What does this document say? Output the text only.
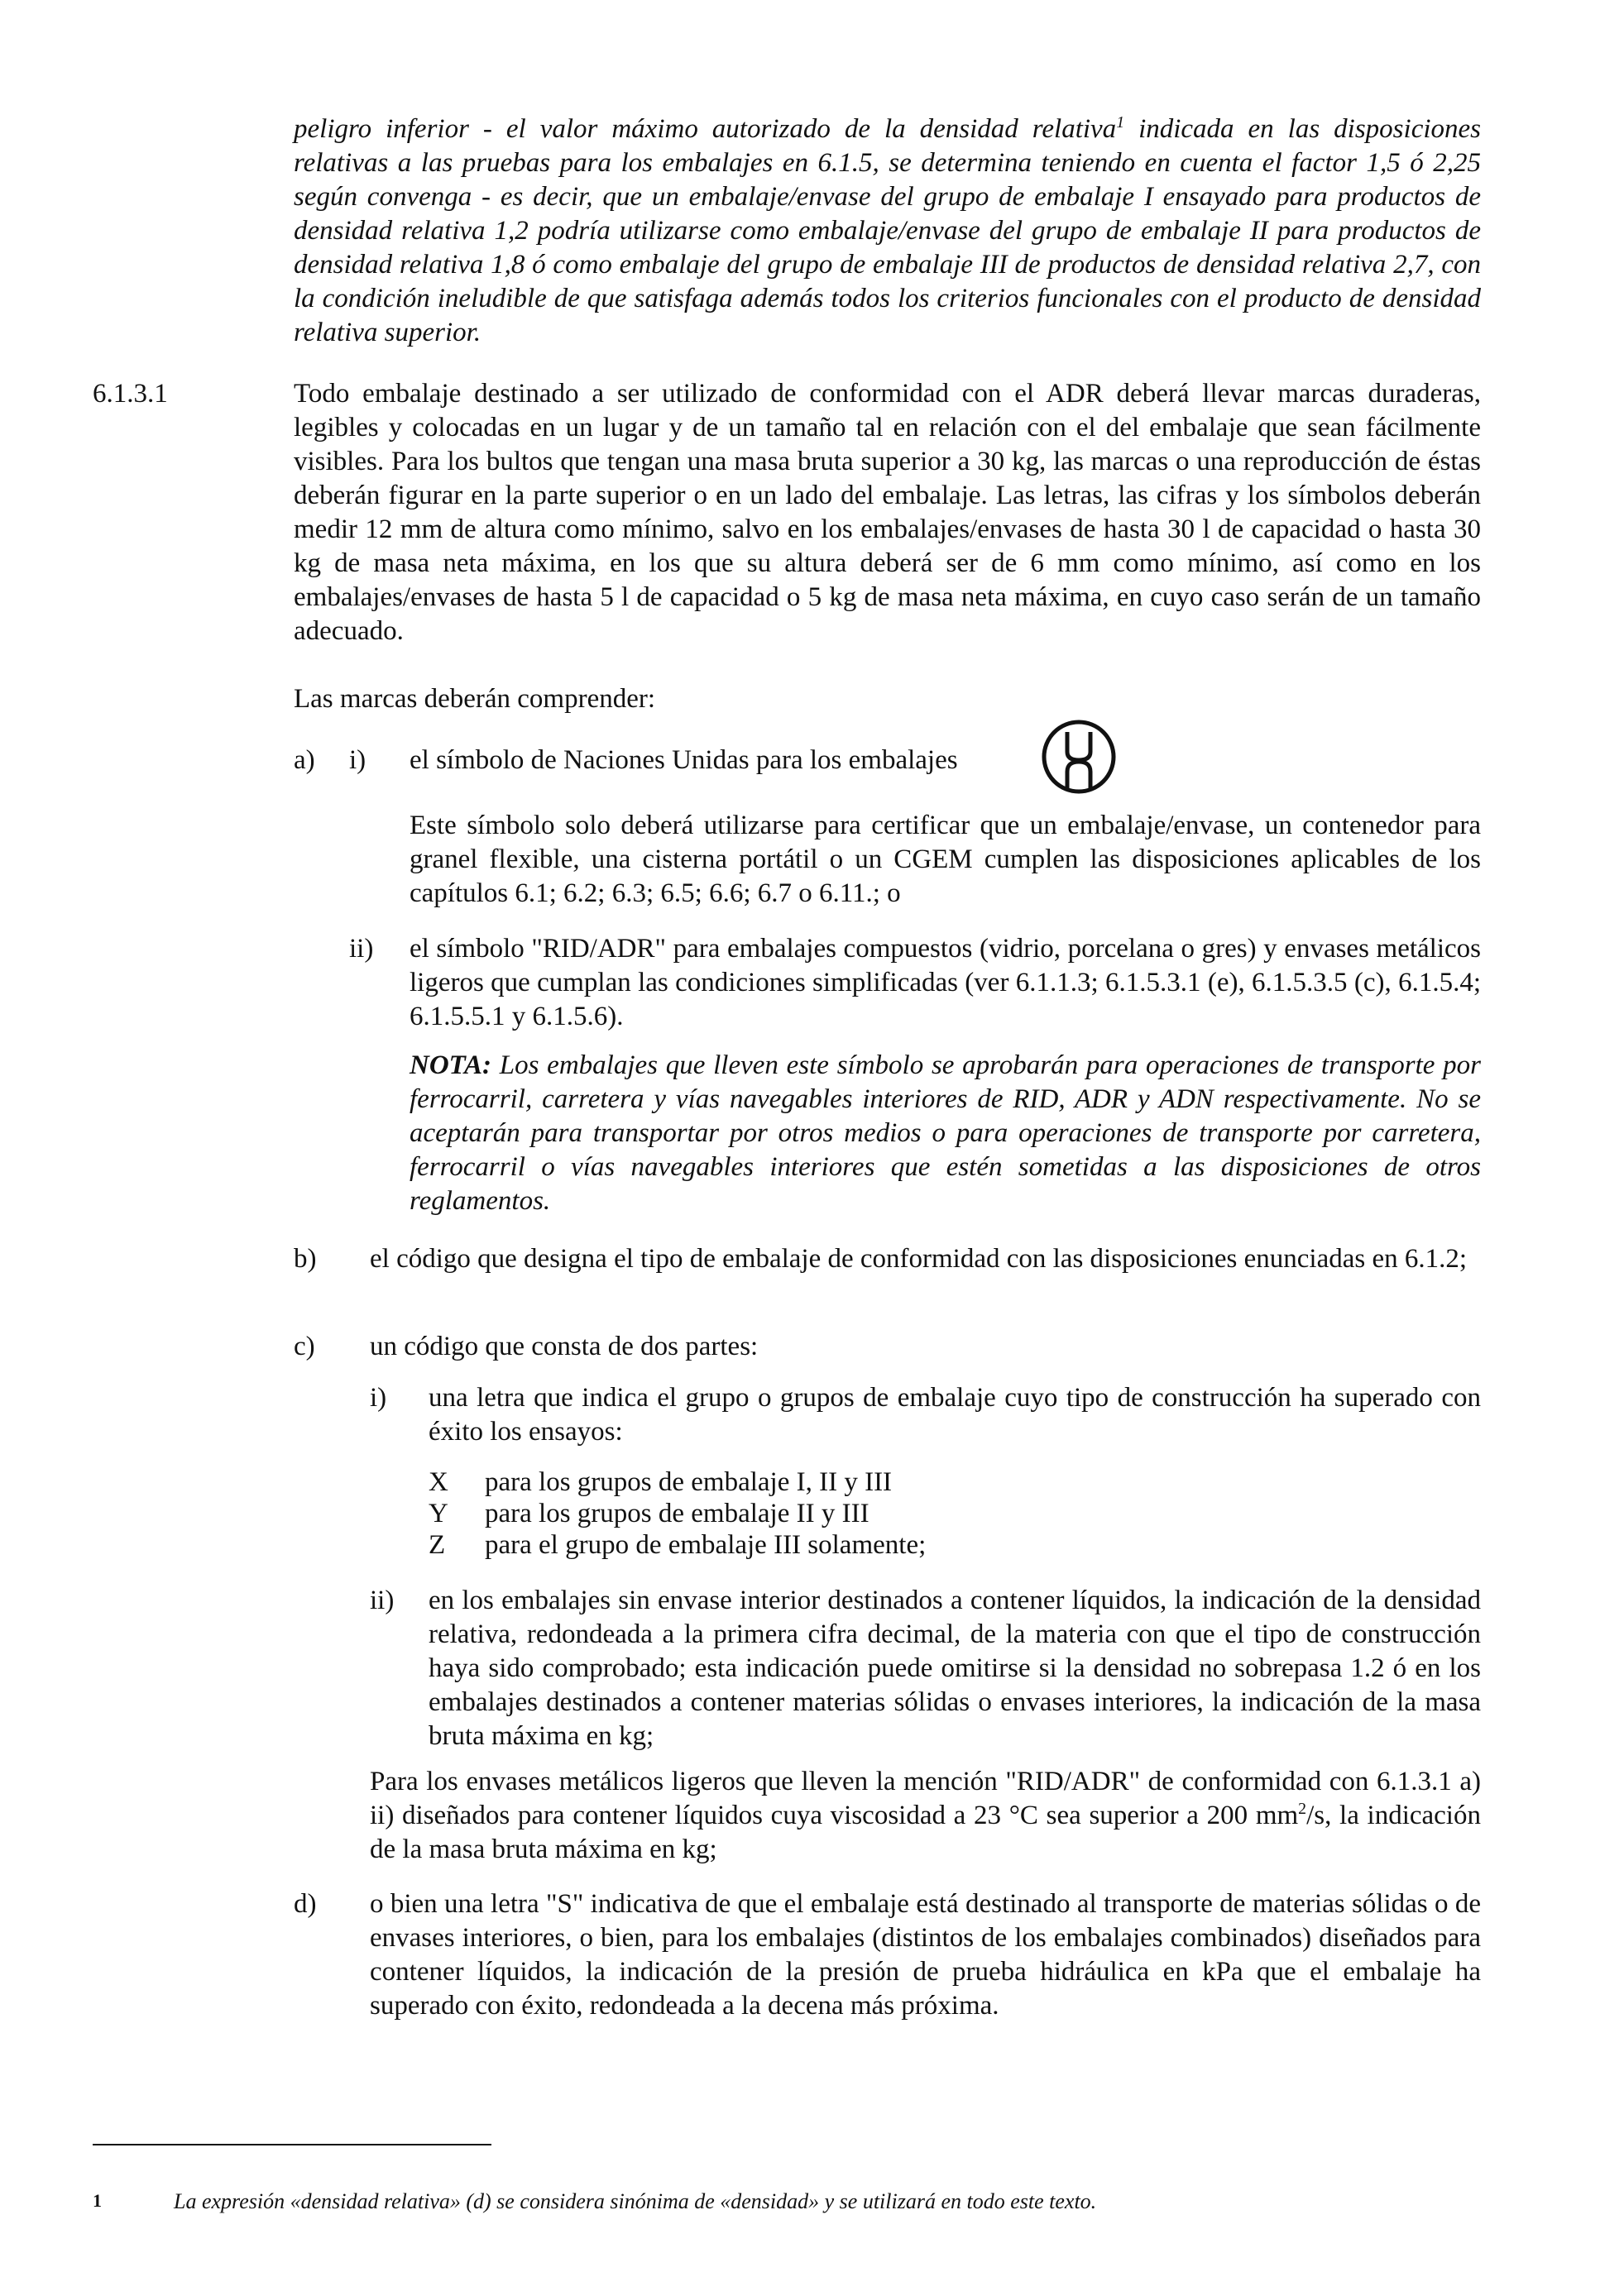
peligro inferior - el valor máximo autorizado de la densidad relativa$^1$ indicada en las disposiciones relativas a las pruebas para los embalajes en 6.1.5, se determina teniendo en cuenta el factor 1,5 ó 2,25 según convenga - es decir, que un embalaje/envase del grupo de embalaje I ensayado para productos de densidad relativa 1,2 podría utilizarse como embalaje/envase del grupo de embalaje II para productos de densidad relativa 1,8 ó como embalaje del grupo de embalaje III de productos de densidad relativa 2,7, con la condición ineludible de que satisfaga además todos los criterios funcionales con el producto de densidad relativa superior.
6.1.3.1	Todo embalaje destinado a ser utilizado de conformidad con el ADR deberá llevar marcas duraderas, legibles y colocadas en un lugar y de un tamaño tal en relación con el del embalaje que sean fácilmente visibles. Para los bultos que tengan una masa bruta superior a 30 kg, las marcas o una reproducción de éstas deberán figurar en la parte superior o en un lado del embalaje. Las letras, las cifras y los símbolos deberán medir 12 mm de altura como mínimo, salvo en los embalajes/envases de hasta 30 l de capacidad o hasta 30 kg de masa neta máxima, en los que su altura deberá ser de 6 mm como mínimo, así como en los embalajes/envases de hasta 5 l de capacidad o 5 kg de masa neta máxima, en cuyo caso serán de un tamaño adecuado.
Las marcas deberán comprender:
a) i) el símbolo de Naciones Unidas para los embalajes
Este símbolo solo deberá utilizarse para certificar que un embalaje/envase, un contenedor para granel flexible, una cisterna portátil o un CGEM cumplen las disposiciones aplicables de los capítulos 6.1; 6.2; 6.3; 6.5; 6.6; 6.7 o 6.11.; o
ii) el símbolo "RID/ADR" para embalajes compuestos (vidrio, porcelana o gres) y envases metálicos ligeros que cumplan las condiciones simplificadas (ver 6.1.1.3; 6.1.5.3.1 (e), 6.1.5.3.5 (c), 6.1.5.4; 6.1.5.5.1 y 6.1.5.6).
NOTA: Los embalajes que lleven este símbolo se aprobarán para operaciones de transporte por ferrocarril, carretera y vías navegables interiores de RID, ADR y ADN respectivamente. No se aceptarán para transportar por otros medios o para operaciones de transporte por carretera, ferrocarril o vías navegables interiores que estén sometidas a las disposiciones de otros reglamentos.
b) el código que designa el tipo de embalaje de conformidad con las disposiciones enunciadas en 6.1.2;
c) un código que consta de dos partes:
i) una letra que indica el grupo o grupos de embalaje cuyo tipo de construcción ha superado con éxito los ensayos:
X para los grupos de embalaje I, II y III
Y para los grupos de embalaje II y III
Z para el grupo de embalaje III solamente;
ii) en los embalajes sin envase interior destinados a contener líquidos, la indicación de la densidad relativa, redondeada a la primera cifra decimal, de la materia con que el tipo de construcción haya sido comprobado; esta indicación puede omitirse si la densidad no sobrepasa 1.2 ó en los embalajes destinados a contener materias sólidas o envases interiores, la indicación de la masa bruta máxima en kg;
Para los envases metálicos ligeros que lleven la mención "RID/ADR" de conformidad con 6.1.3.1 a) ii) diseñados para contener líquidos cuya viscosidad a 23 °C sea superior a 200 $mm^2/s$, la indicación de la masa bruta máxima en kg;
d) o bien una letra "S" indicativa de que el embalaje está destinado al transporte de materias sólidas o de envases interiores, o bien, para los embalajes (distintos de los embalajes combinados) diseñados para contener líquidos, la indicación de la presión de prueba hidráulica en kPa que el embalaje ha superado con éxito, redondeada a la decena más próxima.
1	La expresión «densidad relativa» (d) se considera sinónima de «densidad» y se utilizará en todo este texto.
